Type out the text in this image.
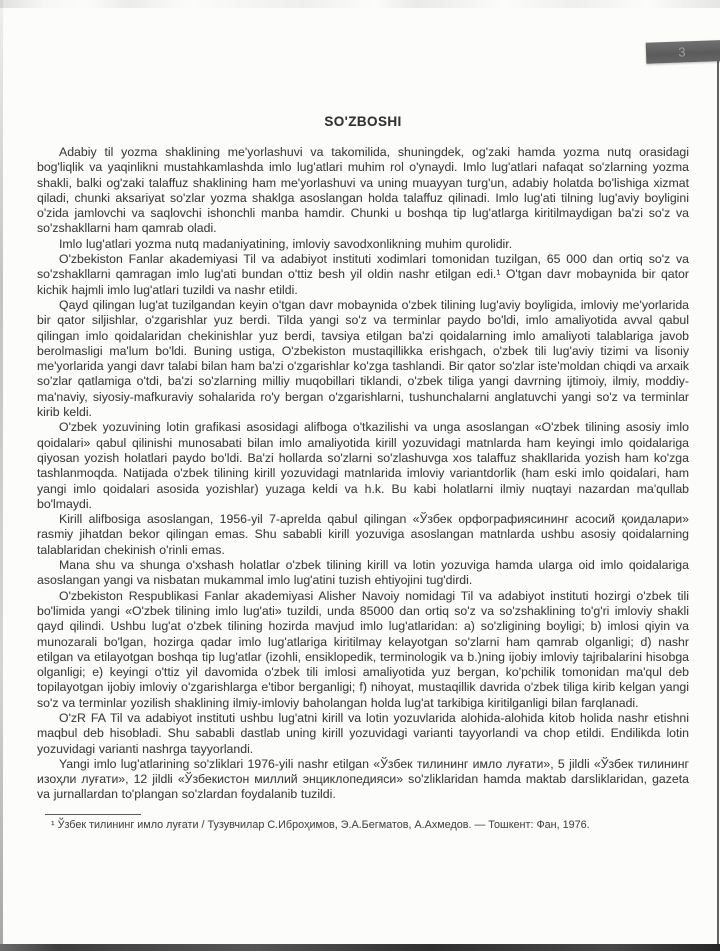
3
SO'ZBOSHI

Adabiy til yozma shaklining me'yorlashuvi va takomilida, shuningdek, og'zaki hamda yozma nutq orasidagi bog'liqlik va yaqinlikni mustahkamlashda imlo lug'atlari muhim rol o'ynaydi. Imlo lug'atlari nafaqat so'zlarning yozma shakli, balki og'zaki talaffuz shaklining ham me'yorlashuvi va uning muayyan turg'un, adabiy holatda bo'lishiga xizmat qiladi, chunki aksariyat so'zlar yozma shaklga asoslangan holda talaffuz qilinadi. Imlo lug'ati tilning lug'aviy boyligini o'zida jamlovchi va saqlovchi ishonchli manba hamdir. Chunki u boshqa tip lug'atlarga kiritilmaydigan ba'zi so'z va so'zshakllarni ham qamrab oladi.

Imlo lug'atlari yozma nutq madaniyatining, imloviy savodxonlikning muhim qurolidir.

O'zbekiston Fanlar akademiyasi Til va adabiyot instituti xodimlari tomonidan tuzilgan, 65 000 dan ortiq so'z va so'zshakllarni qamragan imlo lug'ati bundan o'ttiz besh yil oldin nashr etilgan edi.¹ O'tgan davr mobaynida bir qator kichik hajmli imlo lug'atlari tuzildi va nashr etildi.

Qayd qilingan lug'at tuzilgandan keyin o'tgan davr mobaynida o'zbek tilining lug'aviy boyligida, imloviy me'yorlarida bir qator siljishlar, o'zgarishlar yuz berdi. Tilda yangi so'z va terminlar paydo bo'ldi, imlo amaliyotida avval qabul qilingan imlo qoidalaridan chekinishlar yuz berdi, tavsiya etilgan ba'zi qoidalarning imlo amaliyoti talablariga javob berolmasligi ma'lum bo'ldi. Buning ustiga, O'zbekiston mustaqillikka erishgach, o'zbek tili lug'aviy tizimi va lisoniy me'yorlarida yangi davr talabi bilan ham ba'zi o'zgarishlar ko'zga tashlandi. Bir qator so'zlar iste'moldan chiqdi va arxaik so'zlar qatlamiga o'tdi, ba'zi so'zlarning milliy muqobillari tiklandi, o'zbek tiliga yangi davrning ijtimoiy, ilmiy, moddiy-ma'naviy, siyosiy-mafkuraviy sohalarida ro'y bergan o'zgarishlarni, tushunchalarni anglatuvchi yangi so'z va terminlar kirib keldi.

O'zbek yozuvining lotin grafikasi asosidagi alifboga o'tkazilishi va unga asoslangan «O'zbek tilining asosiy imlo qoidalari» qabul qilinishi munosabati bilan imlo amaliyotida kirill yozuvidagi matnlarda ham keyingi imlo qoidalariga qiyosan yozish holatlari paydo bo'ldi. Ba'zi hollarda so'zlarni so'zlashuvga xos talaffuz shakllarida yozish ham ko'zga tashlanmoqda. Natijada o'zbek tilining kirill yozuvidagi matnlarida imloviy variantdorlik (ham eski imlo qoidalari, ham yangi imlo qoidalari asosida yozishlar) yuzaga keldi va h.k. Bu kabi holatlarni ilmiy nuqtayi nazardan ma'qullab bo'lmaydi.

Kirill alifbosiga asoslangan, 1956-yil 7-aprelda qabul qilingan «Ўзбек орфографиясининг асосий қоидалари» rasmiy jihatdan bekor qilingan emas. Shu sababli kirill yozuviga asoslangan matnlarda ushbu asosiy qoidalarning talablaridan chekinish o'rinli emas.

Mana shu va shunga o'xshash holatlar o'zbek tilining kirill va lotin yozuviga hamda ularga oid imlo qoidalariga asoslangan yangi va nisbatan mukammal imlo lug'atini tuzish ehtiyojini tug'dirdi.

O'zbekiston Respublikasi Fanlar akademiyasi Alisher Navoiy nomidagi Til va adabiyot instituti hozirgi o'zbek tili bo'limida yangi «O'zbek tilining imlo lug'ati» tuzildi, unda 85000 dan ortiq so'z va so'zshaklining to'g'ri imloviy shakli qayd qilindi. Ushbu lug'at o'zbek tilining hozirda mavjud imlo lug'atlaridan: a) so'zligining boyligi; b) imlosi qiyin va munozarali bo'lgan, hozirga qadar imlo lug'atlariga kiritilmay kelayotgan so'zlarni ham qamrab olganligi; d) nashr etilgan va etilayotgan boshqa tip lug'atlar (izohli, ensiklopedik, terminologik va b.)ning ijobiy imloviy tajribalarini hisobga olganligi; e) keyingi o'ttiz yil davomida o'zbek tili imlosi amaliyotida yuz bergan, ko'pchilik tomonidan ma'qul deb topilayotgan ijobiy imloviy o'zgarishlarga e'tibor berganligi; f) nihoyat, mustaqillik davrida o'zbek tiliga kirib kelgan yangi so'z va terminlar yozilish shaklining ilmiy-imloviy baholangan holda lug'at tarkibiga kiritilganligi bilan farqlanadi.

O'zR FA Til va adabiyot instituti ushbu lug'atni kirill va lotin yozuvlarida alohida-alohida kitob holida nashr etishni maqbul deb hisobladi. Shu sababli dastlab uning kirill yozuvidagi varianti tayyorlandi va chop etildi. Endilikda lotin yozuvidagi varianti nashrga tayyorlandi.

Yangi imlo lug'atlarining so'zliklari 1976-yili nashr etilgan «Ўзбек тилининг имло луғати», 5 jildli «Ўзбек тилининг изоҳли луғати», 12 jildli «Ўзбекистон миллий энциклопедияси» so'zliklaridan hamda maktab darsliklaridan, gazeta va jurnallardan to'plangan so'zlardan foydalanib tuzildi.

¹ Ўзбек тилининг имло луғати / Тузувчилар С.Иброҳимов, Э.А.Бегматов, А.Ахмедов. — Тошкент: Фан, 1976.
